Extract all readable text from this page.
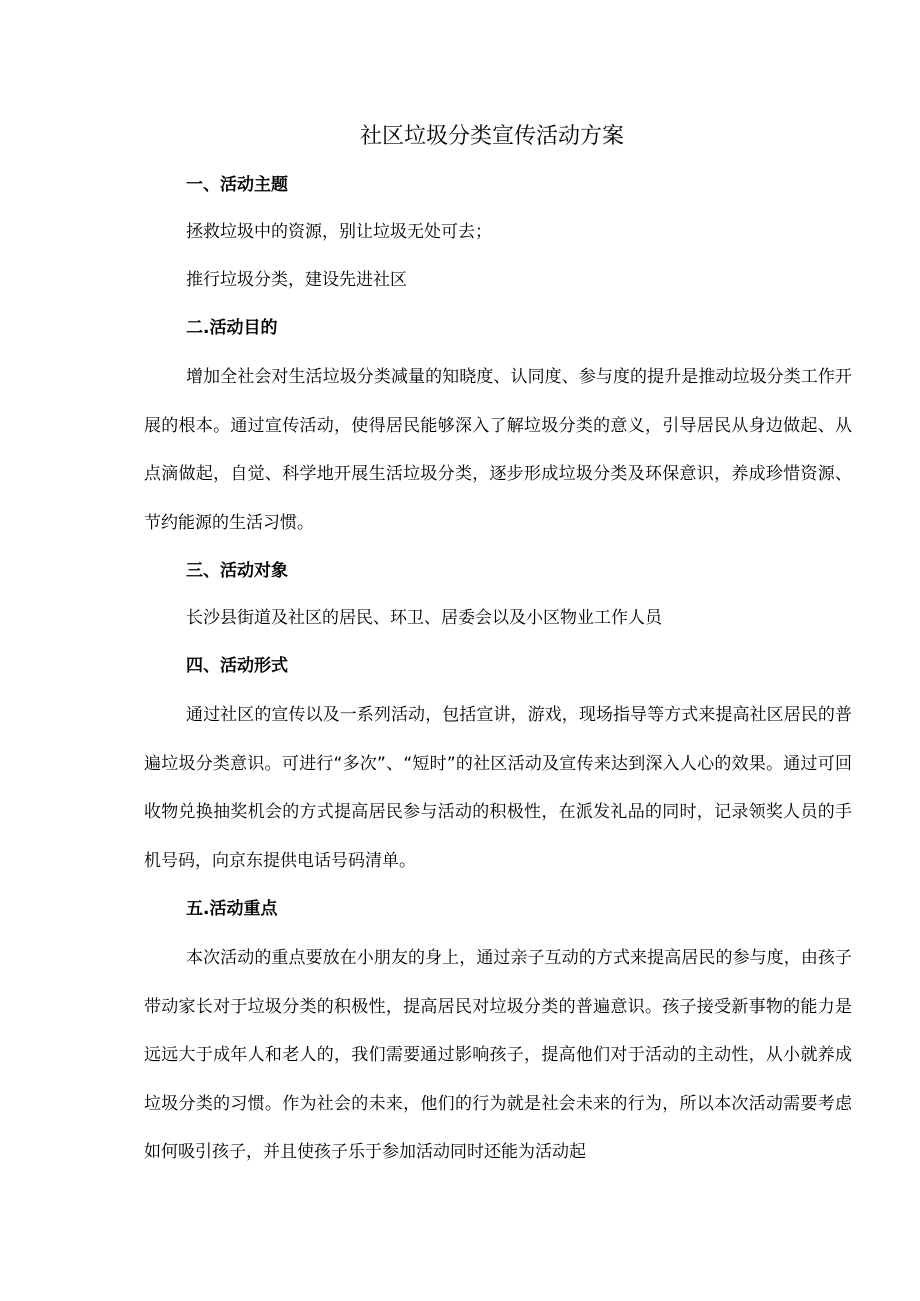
社区垃圾分类宣传活动方案
一、活动主题

拯救垃圾中的资源，别让垃圾无处可去；

推行垃圾分类，建设先进社区

二.活动目的

增加全社会对生活垃圾分类减量的知晓度、认同度、参与度的提升是推动垃圾分类工作开展的根本。通过宣传活动，使得居民能够深入了解垃圾分类的意义，引导居民从身边做起、从点滴做起，自觉、科学地开展生活垃圾分类，逐步形成垃圾分类及环保意识，养成珍惜资源、节约能源的生活习惯。

三、活动对象

长沙县街道及社区的居民、环卫、居委会以及小区物业工作人员

四、活动形式

通过社区的宣传以及一系列活动，包括宣讲，游戏，现场指导等方式来提高社区居民的普遍垃圾分类意识。可进行“多次”、“短时”的社区活动及宣传来达到深入人心的效果。通过可回收物兑换抽奖机会的方式提高居民参与活动的积极性，在派发礼品的同时，记录领奖人员的手机号码，向京东提供电话号码清单。

五.活动重点

本次活动的重点要放在小朋友的身上，通过亲子互动的方式来提高居民的参与度，由孩子带动家长对于垃圾分类的积极性，提高居民对垃圾分类的普遍意识。孩子接受新事物的能力是远远大于成年人和老人的，我们需要通过影响孩子，提高他们对于活动的主动性，从小就养成垃圾分类的习惯。作为社会的未来，他们的行为就是社会未来的行为，所以本次活动需要考虑如何吸引孩子，并且使孩子乐于参加活动同时还能为活动起
